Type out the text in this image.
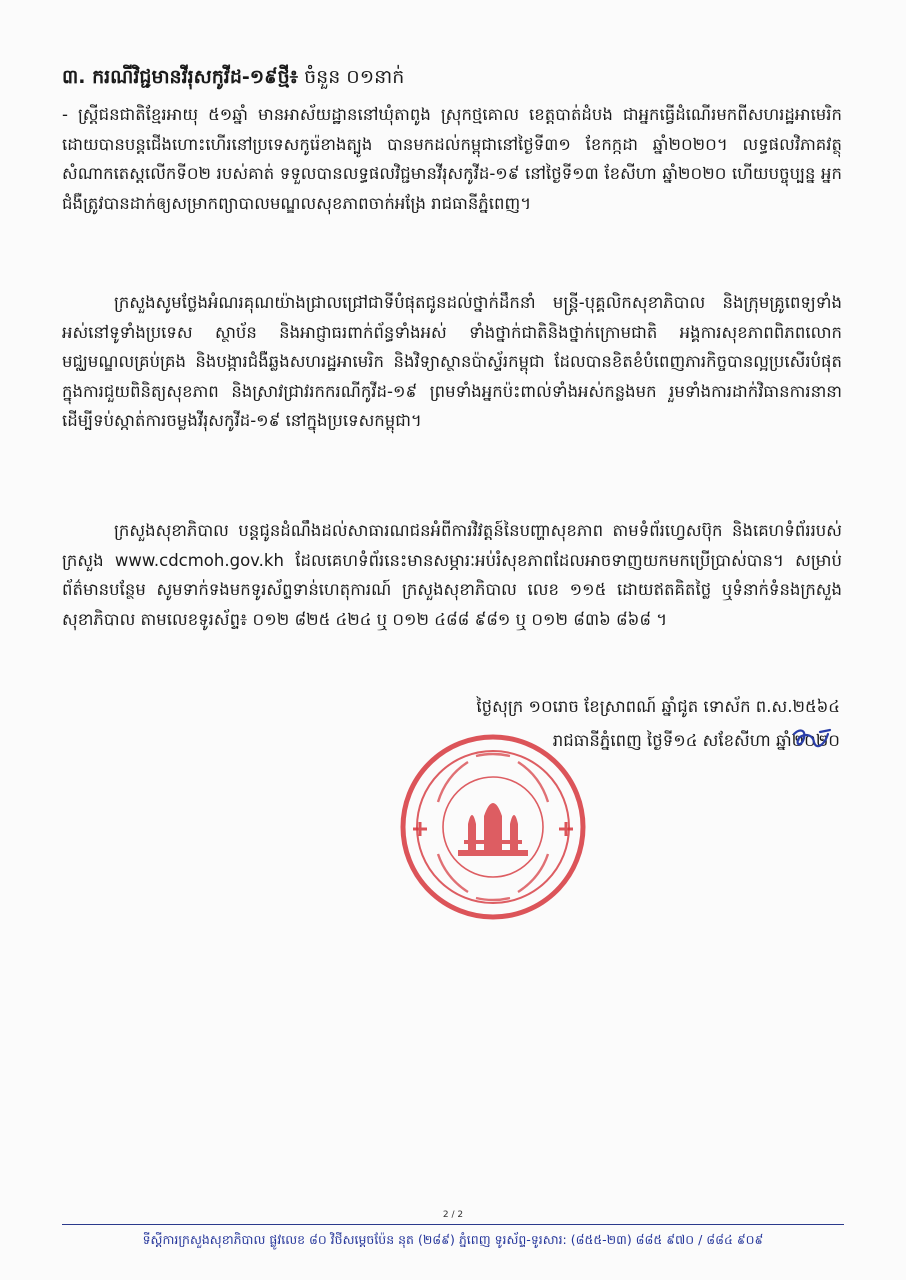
៣. ករណីវិជ្ជមានវីរុសកូវីដ-១៩ថ្មី៖ ចំនួន ០១នាក់

- ស្ត្រីជនជាតិខ្មែរអាយុ ៥១ឆ្នាំ មានអាស័យដ្ឋាននៅឃុំតាពូង ស្រុកថ្មគោល ខេត្តបាត់ដំបង ជាអ្នកធ្វើដំណើរមកពីសហរដ្ឋអាមេរិក ដោយបានបន្តជើងហោះហើរនៅប្រទេសកូរ៉េខាងត្បូង បានមកដល់កម្ពុជានៅថ្ងៃទី៣១ ខែកក្កដា ឆ្នាំ២០២០។ លទ្ធផលវិភាគវត្ថុសំណាកតេស្តលើកទី០២ របស់គាត់ ទទួលបានលទ្ធផលវិជ្ជមានវីរុសកូវីដ-១៩ នៅថ្ងៃទី១៣ ខែសីហា ឆ្នាំ២០២០ ហើយបច្ចុប្បន្ន អ្នកជំងឺត្រូវបានដាក់ឲ្យសម្រាកព្យាបាលមណ្ឌលសុខភាពចាក់អង្រែ រាជធានីភ្នំពេញ។

ក្រសួងសូមថ្លែងអំណរគុណយ៉ាងជ្រាលជ្រៅជាទីបំផុតជូនដល់ថ្នាក់ដឹកនាំ មន្ត្រី-បុគ្គលិកសុខាភិបាល និងក្រុមគ្រូពេទ្យទាំងអស់នៅទូទាំងប្រទេស ស្ថាប័ន និងអាជ្ញាធរពាក់ព័ន្ធទាំងអស់ ទាំងថ្នាក់ជាតិនិងថ្នាក់ក្រោមជាតិ អង្គការសុខភាពពិភពលោក មជ្ឈមណ្ឌលគ្រប់គ្រង និងបង្ការជំងឺឆ្លងសហរដ្ឋអាមេរិក និងវិទ្យាស្ថានប៉ាស្ទ័រកម្ពុជា ដែលបានខិតខំបំពេញភារកិច្ចបានល្អប្រសើរបំផុត ក្នុងការជួយពិនិត្យសុខភាព និងស្រាវជ្រាវរកករណីកូវីដ-១៩ ព្រមទាំងអ្នកប៉ះពាល់ទាំងអស់កន្លងមក រួមទាំងការដាក់វិធានការនានា ដើម្បីទប់ស្កាត់ការចម្លងវីរុសកូវីដ-១៩ នៅក្នុងប្រទេសកម្ពុជា។

ក្រសួងសុខាភិបាល បន្តជូនដំណឹងដល់សាធារណជនអំពីការវិវត្តន៍នៃបញ្ហាសុខភាព តាមទំព័រហ្វេសប៊ុក និងគេហទំព័ររបស់ក្រសួង www.cdcmoh.gov.kh ដែលគេហទំព័រនេះមានសម្ភារៈអប់រំសុខភាពដែលអាចទាញយកមកប្រើប្រាស់បាន។ សម្រាប់ព័ត៌មានបន្ថែម សូមទាក់ទងមកទូរស័ព្ទទាន់ហេតុការណ៍ ក្រសួងសុខាភិបាល លេខ ១១៥ ដោយឥតគិតថ្លៃ ឬទំនាក់ទំនងក្រសួងសុខាភិបាល តាមលេខទូរស័ព្ទ៖ ០១២ ៨២៥ ៤២៤ ឬ ០១២ ៤៨៨ ៩៨១ ឬ ០១២ ៨៣៦ ៨៦៨ ។

ថ្ងៃសុក្រ ១០រោច ខែស្រាពណ៍ ឆ្នាំជូត ទោស័ក ព.ស.២៥៦៤
រាជធានីភ្នំពេញ ថ្ងៃទី១៤ សខែសីហា ឆ្នាំ២០២០
2 / 2
ទីស្តីការក្រសួងសុខាភិបាល ផ្លូវលេខ ៨០ វិថីសម្តេចប៉ែន នុត (២៨៩) ភ្នំពេញ ទូរស័ព្ទ-ទូរសារ: (៨៥៥-២៣) ៨៨៥ ៩៧០ / ៨៨៤ ៩០៩
